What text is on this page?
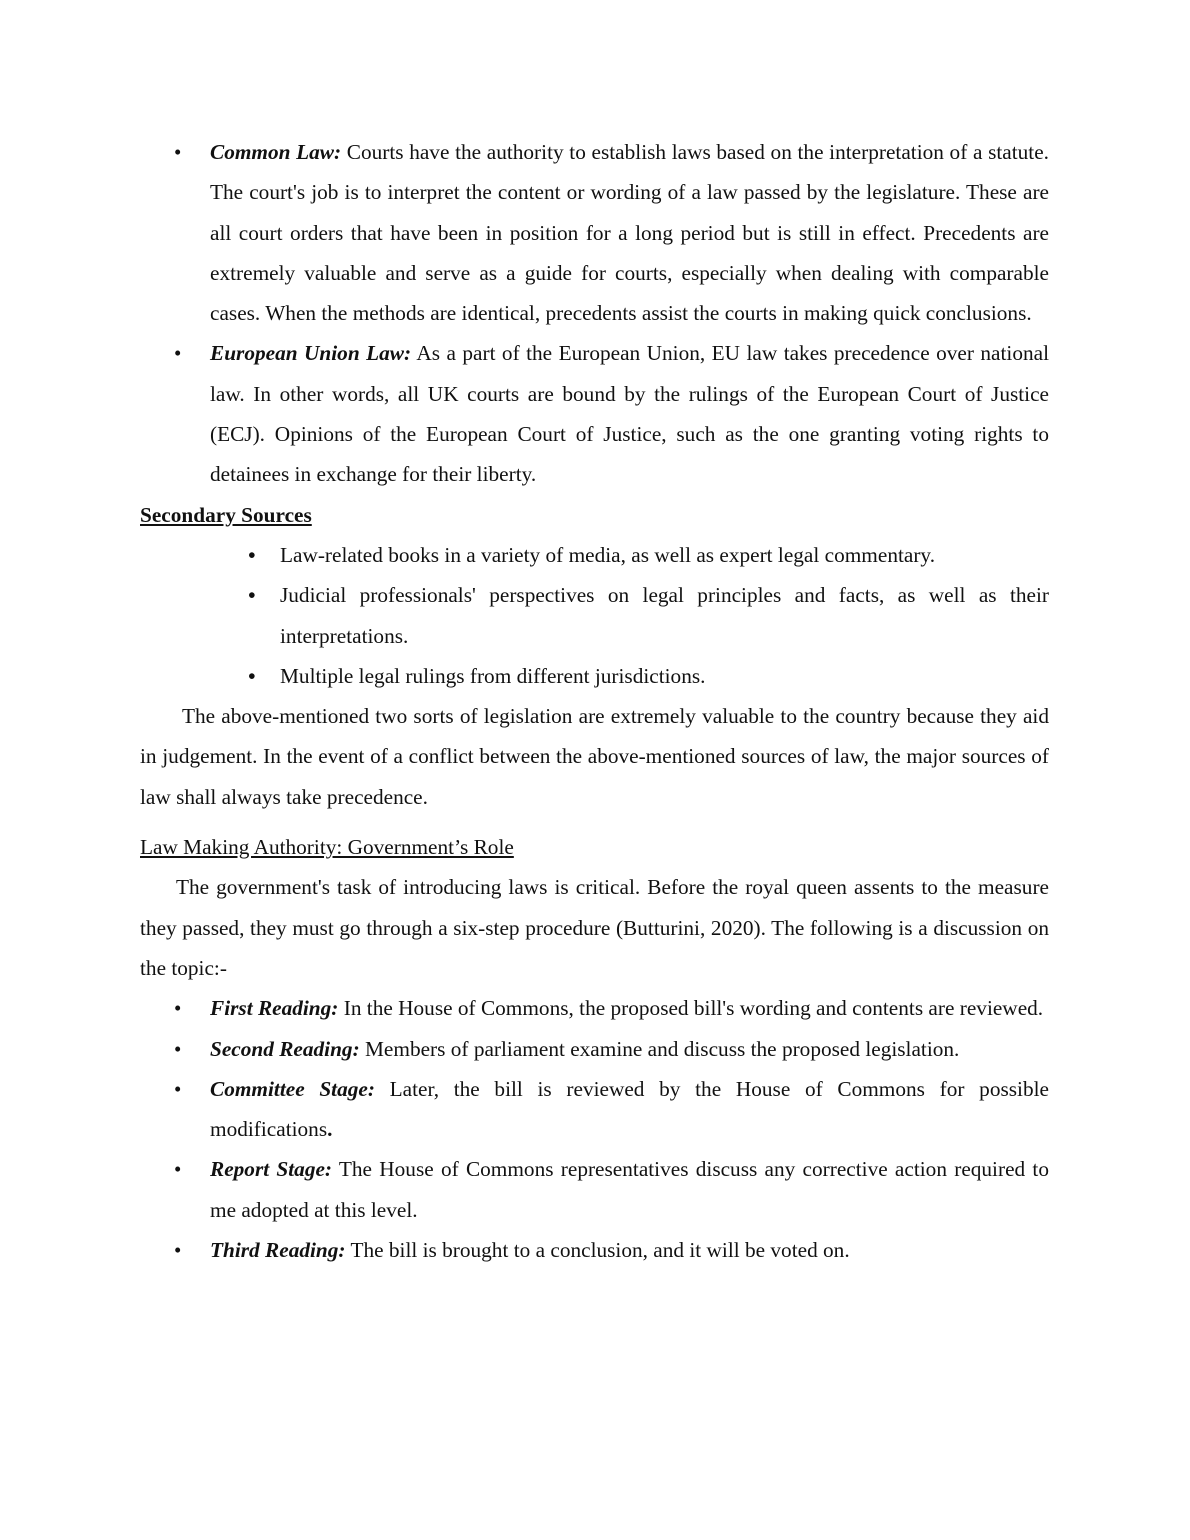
• Common Law: Courts have the authority to establish laws based on the interpretation of a statute. The court's job is to interpret the content or wording of a law passed by the legislature. These are all court orders that have been in position for a long period but is still in effect. Precedents are extremely valuable and serve as a guide for courts, especially when dealing with comparable cases. When the methods are identical, precedents assist the courts in making quick conclusions.
• European Union Law: As a part of the European Union, EU law takes precedence over national law. In other words, all UK courts are bound by the rulings of the European Court of Justice (ECJ). Opinions of the European Court of Justice, such as the one granting voting rights to detainees in exchange for their liberty.
Secondary Sources
• Law-related books in a variety of media, as well as expert legal commentary.
• Judicial professionals' perspectives on legal principles and facts, as well as their interpretations.
• Multiple legal rulings from different jurisdictions.
The above-mentioned two sorts of legislation are extremely valuable to the country because they aid in judgement. In the event of a conflict between the above-mentioned sources of law, the major sources of law shall always take precedence.
Law Making Authority: Government’s Role
The government's task of introducing laws is critical. Before the royal queen assents to the measure they passed, they must go through a six-step procedure (Butturini, 2020). The following is a discussion on the topic:-
• First Reading: In the House of Commons, the proposed bill's wording and contents are reviewed.
• Second Reading: Members of parliament examine and discuss the proposed legislation.
• Committee Stage: Later, the bill is reviewed by the House of Commons for possible modifications.
• Report Stage: The House of Commons representatives discuss any corrective action required to me adopted at this level.
• Third Reading: The bill is brought to a conclusion, and it will be voted on.
